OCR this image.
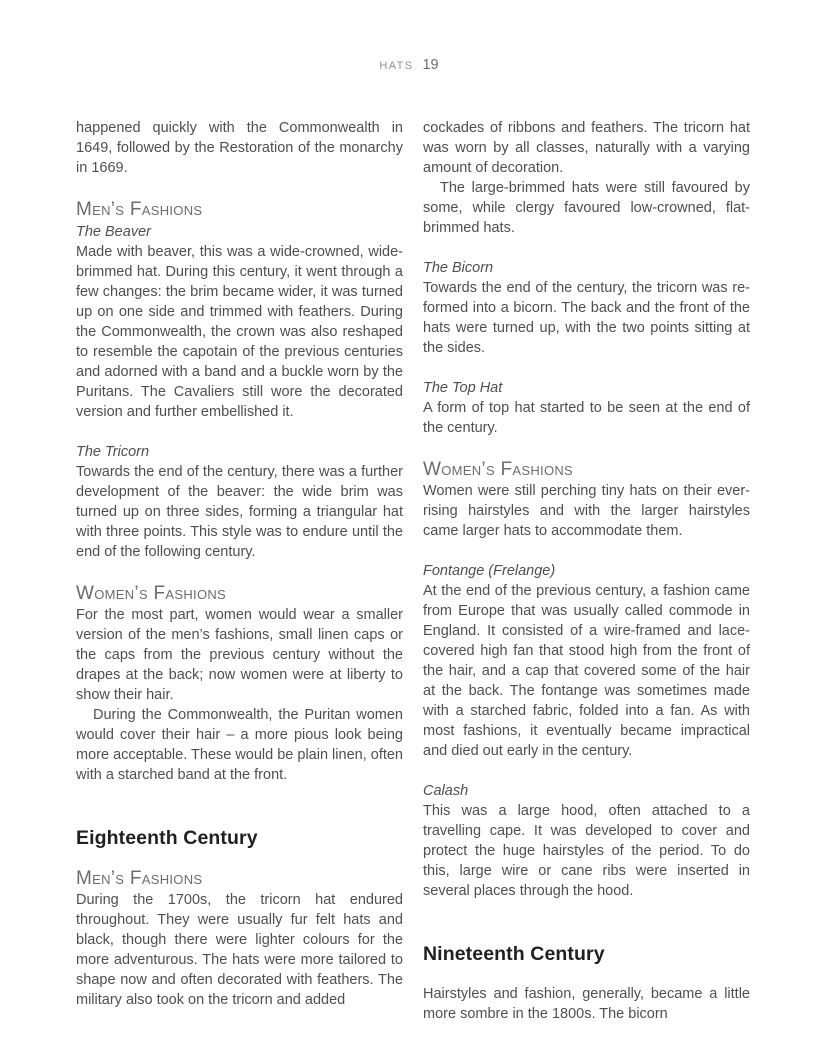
HATS 19

happened quickly with the Commonwealth in 1649, followed by the Restoration of the monarchy in 1669.

Men’s Fashions
The Beaver

Made with beaver, this was a wide-crowned, wide-brimmed hat. During this century, it went through a few changes: the brim became wider, it was turned up on one side and trimmed with feathers. During the Commonwealth, the crown was also reshaped to resemble the capotain of the previous centuries and adorned with a band and a buckle worn by the Puritans. The Cavaliers still wore the decorated version and further embellished it.

The Tricorn

Towards the end of the century, there was a further development of the beaver: the wide brim was turned up on three sides, forming a triangular hat with three points. This style was to endure until the end of the following century.

Women’s Fashions

For the most part, women would wear a smaller version of the men’s fashions, small linen caps or the caps from the previous century without the drapes at the back; now women were at liberty to show their hair.

During the Commonwealth, the Puritan women would cover their hair – a more pious look being more acceptable. These would be plain linen, often with a starched band at the front.

Eighteenth Century
Men’s Fashions

During the 1700s, the tricorn hat endured throughout. They were usually fur felt hats and black, though there were lighter colours for the more adventurous. The hats were more tailored to shape now and often decorated with feathers. The military also took on the tricorn and added

cockades of ribbons and feathers. The tricorn hat was worn by all classes, naturally with a varying amount of decoration.

The large-brimmed hats were still favoured by some, while clergy favoured low-crowned, flat-brimmed hats.

The Bicorn

Towards the end of the century, the tricorn was re-formed into a bicorn. The back and the front of the hats were turned up, with the two points sitting at the sides.

The Top Hat

A form of top hat started to be seen at the end of the century.

Women’s Fashions

Women were still perching tiny hats on their ever-rising hairstyles and with the larger hairstyles came larger hats to accommodate them.

Fontange (Frelange)

At the end of the previous century, a fashion came from Europe that was usually called commode in England. It consisted of a wire-framed and lace-covered high fan that stood high from the front of the hair, and a cap that covered some of the hair at the back. The fontange was sometimes made with a starched fabric, folded into a fan. As with most fashions, it eventually became impractical and died out early in the century.

Calash

This was a large hood, often attached to a travelling cape. It was developed to cover and protect the huge hairstyles of the period. To do this, large wire or cane ribs were inserted in several places through the hood.

Nineteenth Century

Hairstyles and fashion, generally, became a little more sombre in the 1800s. The bicorn
